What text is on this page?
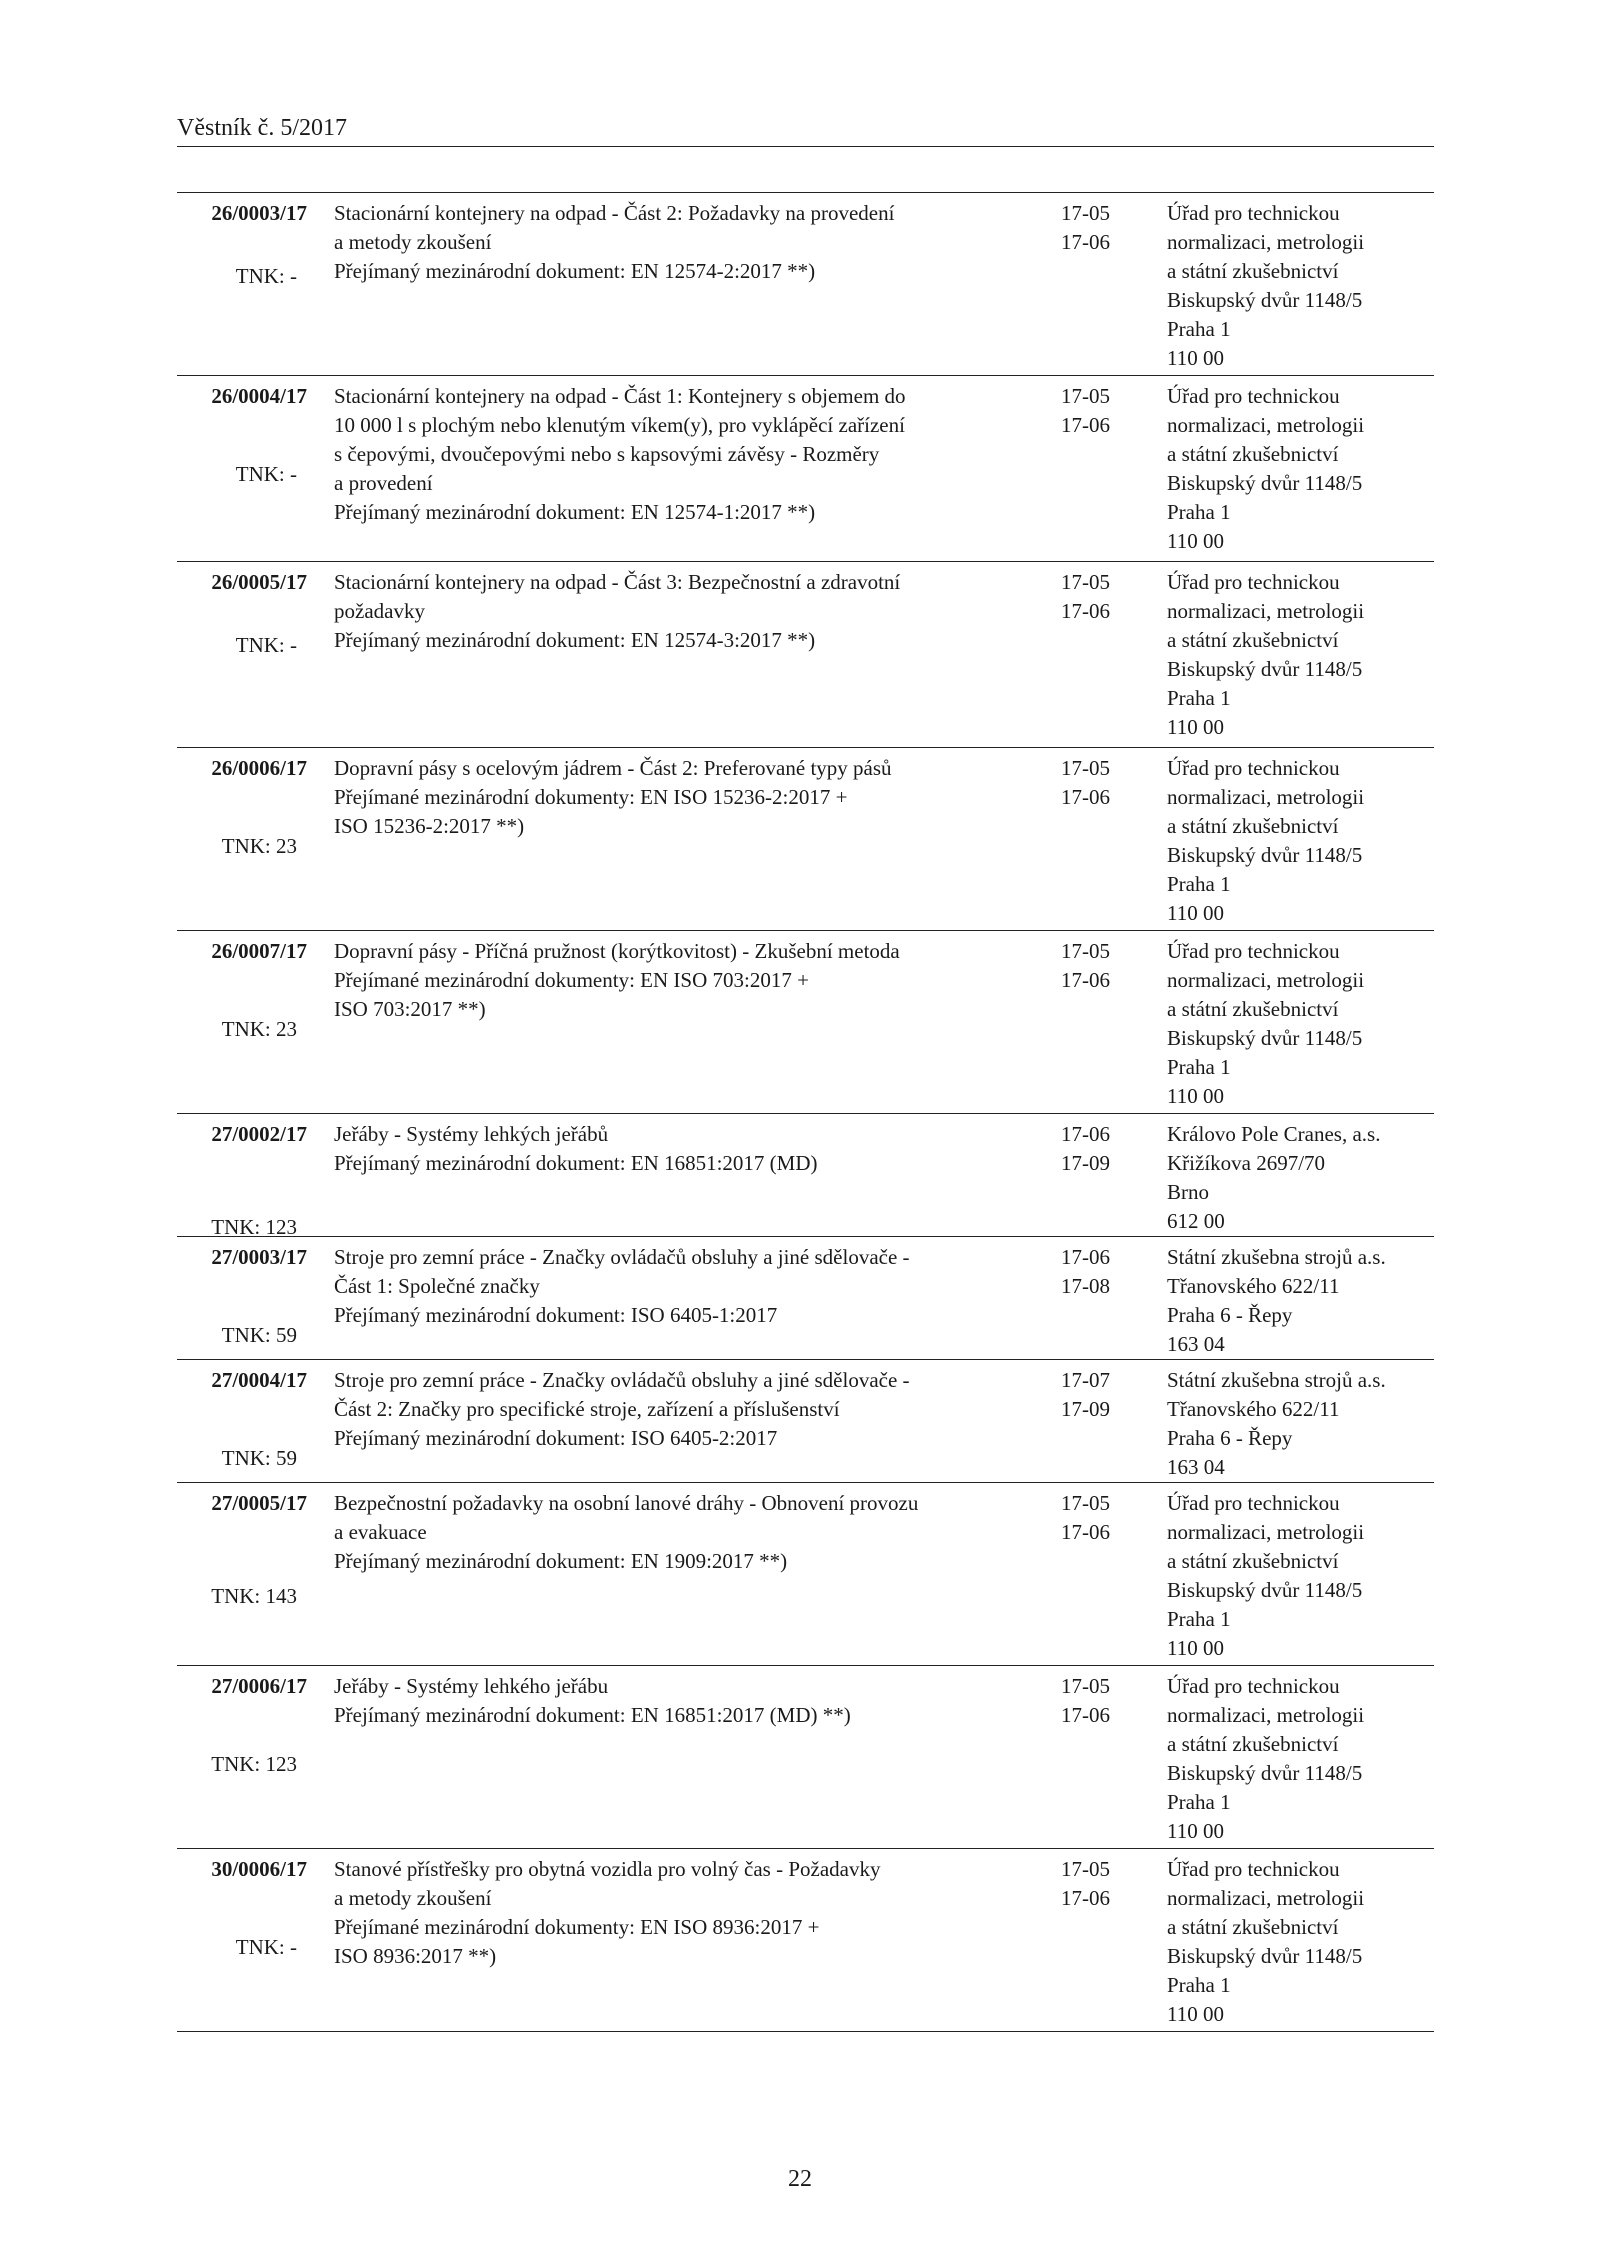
Věstník č. 5/2017
26/0003/17
TNK: -
Stacionární kontejnery na odpad - Část 2: Požadavky na provedení
a metody zkoušení
Přejímaný mezinárodní dokument: EN 12574-2:2017 **)
17-05
17-06
Úřad pro technickou
normalizaci, metrologii
a státní zkušebnictví
Biskupský dvůr 1148/5
Praha 1
110 00
26/0004/17
TNK: -
Stacionární kontejnery na odpad - Část 1: Kontejnery s objemem do
10 000 l s plochým nebo klenutým víkem(y), pro vyklápěcí zařízení
s čepovými, dvoučepovými nebo s kapsovými závěsy - Rozměry
a provedení
Přejímaný mezinárodní dokument: EN 12574-1:2017 **)
17-05
17-06
Úřad pro technickou
normalizaci, metrologii
a státní zkušebnictví
Biskupský dvůr 1148/5
Praha 1
110 00
26/0005/17
TNK: -
Stacionární kontejnery na odpad - Část 3: Bezpečnostní a zdravotní
požadavky
Přejímaný mezinárodní dokument: EN 12574-3:2017 **)
17-05
17-06
Úřad pro technickou
normalizaci, metrologii
a státní zkušebnictví
Biskupský dvůr 1148/5
Praha 1
110 00
26/0006/17
TNK: 23
Dopravní pásy s ocelovým jádrem - Část 2: Preferované typy pásů
Přejímané mezinárodní dokumenty: EN ISO 15236-2:2017 +
ISO 15236-2:2017 **)
17-05
17-06
Úřad pro technickou
normalizaci, metrologii
a státní zkušebnictví
Biskupský dvůr 1148/5
Praha 1
110 00
26/0007/17
TNK: 23
Dopravní pásy - Příčná pružnost (korýtkovitost) - Zkušební metoda
Přejímané mezinárodní dokumenty: EN ISO 703:2017 +
ISO 703:2017 **)
17-05
17-06
Úřad pro technickou
normalizaci, metrologii
a státní zkušebnictví
Biskupský dvůr 1148/5
Praha 1
110 00
27/0002/17
TNK: 123
Jeřáby - Systémy lehkých jeřábů
Přejímaný mezinárodní dokument: EN 16851:2017 (MD)
17-06
17-09
Královo Pole Cranes, a.s.
Křižíkova 2697/70
Brno
612 00
27/0003/17
TNK: 59
Stroje pro zemní práce - Značky ovládačů obsluhy a jiné sdělovače -
Část 1: Společné značky
Přejímaný mezinárodní dokument: ISO 6405-1:2017
17-06
17-08
Státní zkušebna strojů a.s.
Třanovského 622/11
Praha 6 - Řepy
163 04
27/0004/17
TNK: 59
Stroje pro zemní práce - Značky ovládačů obsluhy a jiné sdělovače -
Část 2: Značky pro specifické stroje, zařízení a příslušenství
Přejímaný mezinárodní dokument: ISO 6405-2:2017
17-07
17-09
Státní zkušebna strojů a.s.
Třanovského 622/11
Praha 6 - Řepy
163 04
27/0005/17
TNK: 143
Bezpečnostní požadavky na osobní lanové dráhy - Obnovení provozu
a evakuace
Přejímaný mezinárodní dokument: EN 1909:2017 **)
17-05
17-06
Úřad pro technickou
normalizaci, metrologii
a státní zkušebnictví
Biskupský dvůr 1148/5
Praha 1
110 00
27/0006/17
TNK: 123
Jeřáby - Systémy lehkého jeřábu
Přejímaný mezinárodní dokument: EN 16851:2017 (MD) **)
17-05
17-06
Úřad pro technickou
normalizaci, metrologii
a státní zkušebnictví
Biskupský dvůr 1148/5
Praha 1
110 00
30/0006/17
TNK: -
Stanové přístřešky pro obytná vozidla pro volný čas - Požadavky
a metody zkoušení
Přejímané mezinárodní dokumenty: EN ISO 8936:2017 +
ISO 8936:2017 **)
17-05
17-06
Úřad pro technickou
normalizaci, metrologii
a státní zkušebnictví
Biskupský dvůr 1148/5
Praha 1
110 00
22
